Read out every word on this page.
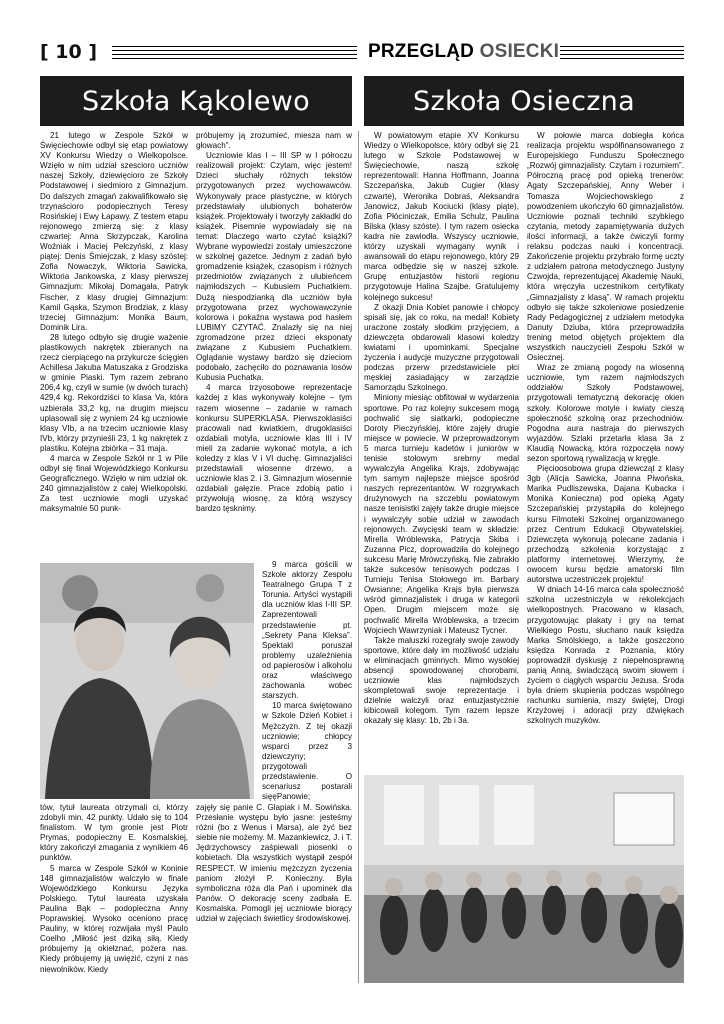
[ 10 ]	PRZEGLĄD OSIECKI
Szkoła Kąkolewo	Szkoła Osieczna

21 lutego w Zespole Szkół w Święciechowie odbył się etap powiatowy XV Konkursu Wiedzy o Wielkopolsce. Wzięło w nim udział szescioro uczniów naszej Szkoły, dziewięcioro ze Szkoły Podstawowej i siedmioro z Gimnazjum. Do dalszych zmagań zakwalifikowało się trzynaścioro podopiecznych Teresy Rosińskiej i Ewy Łapawy. Z testem etapu rejonowego zmierzą się: z klasy czwartej: Anna Skrzypczak, Karolina Woźniak i Maciej Pełczyński, z klasy piątej: Denis Śmiejczak, z klasy szóstej: Zofia Nowaczyk, Wiktoria Sawicka, Wiktoria Jankowska, z klasy pierwszej Gimnazjum: Mikołaj Domagała, Patryk Fischer, z klasy drugiej Gimnazjum: Kamil Gąska, Szymon Brodziak, z klasy trzeciej Gimnazjum: Monika Baum, Dominik Lira.

28 lutego odbyło się drugie ważenie plastikowych nakrętek zbieranych na rzecz cierpiącego na przykurcze ścięgien Achillesa Jakuba Matuszaka z Grodziska w gminie Piaski. Tym razem zebrano 206,4 kg, czyli w sumie (w dwóch turach) 429,4 kg. Rekordziści to klasa Va, która uzbierała 33,2 kg, na drugim miejscu uplasowali się z wyniem 24 kg uczniowie klasy VIb, a na trzecim uczniowie klasy IVb, którzy przynieśli 23, 1 kg nakrętek z plastiku. Kolejna zbiórka – 31 maja.

4 marca w Zespole Szkół nr 1 w Pile odbył się finał Wojewódzkiego Konkursu Geograficznego. Wzięło w nim udział ok. 240 gimnazjalistów z całej Wielkopolski. Za test uczniowie mogli uzyskać maksymalnie 50 punk-

próbujemy ją zrozumieć, miesza nam w głowach”.

Uczniowie klas I – III SP w I półroczu realizowali projekt: Czytam, więc jestem! Dzieci słuchały różnych tekstów przygotowanych przez wychowawców. Wykonywały prace plastyczne, w których przedstawiały ulubionych bohaterów książek. Projektowały i tworzyły zakładki do książek. Pisemnie wypowiadały się na temat: Dlaczego warto czytać książki? Wybrane wypowiedzi zostały umieszczone w szkolnej gazetce. Jednym z zadań było gromadzenie książek, czasopism i różnych przedmiotów związanych z ulubieńcem najmłodszych – Kubusiem Puchatkiem. Dużą niespodzianką dla uczniów była przygotowana przez wychowawczynie kolorowa i pokaźna wystawa pod hasłem LUBIMY CZYTAĆ. Znalazły się na niej zgromadzone przez dzieci eksponaty związane z Kubusiem Puchatkiem. Oglądanie wystawy bardzo się dzieciom podobało, zachęciło do poznawania losów Kubusia Puchatka.

4 marca trzyosobowe reprezentacje każdej z klas wykonywały kolejne – tym razem wiosenne – zadanie w ramach konkursu SUPERKLASA. Pierwszoklasiści pracowali nad kwiatkiem, drugoklasiści ozdabiali motyla, uczniowie klas III i IV mieli za zadanie wykonać motyla, a ich koledzy z klas V i VI duchę. Gimnazjaliści przedstawiali wiosenne drzewo, a uczniowie klas 2. i 3. Gimnazjum wiosennie ozdabiali gałęzie. Prace zdobią patio i przywołują wiosnę, za którą wszyscy bardzo tęsknimy.

9 marca gościli w Szkole aktorzy Zespołu Teatralnego Grupa T z Torunia. Artyści wystąpili dla uczniów klas I-III SP. Zaprezentowali przedstawienie pt. „Sekrety Pana Kleksa”. Spektakl poruszał problemy uzależnienia od papierosów i alkoholu oraz właściwego zachowania wobec starszych.

10 marca świętowano w Szkole Dzień Kobiet i Mężczyzn. Z tej okazji uczniowie; chłopcy wsparci przez 3 dziewczyny; przygotowali przedstawienie. O scenariusz postarali sięęPanowie;

tów, tytuł laureata otrzymali ci, którzy zdobyli min. 42 punkty. Udało się to 104 finalistom. W tym gronie jest Piotr Prymas, podopieczny E. Kosmalskiej, który zakończył zmagania z wynikiem 46 punktów.

5 marca w Zespole Szkół w Koninie 148 gimnazjalistów walczyło w finale Wojewódzkiego Konkursu Języka Polskiego. Tytuł laureata uzyskała Paulina Bąk – podopieczna Anny Poprawskiej. Wysoko oceniono pracę Pauliny, w której rozwijała myśl Paulo Coelho „Miłość jest dziką siłą. Kiedy próbujemy ją okiełznać, pożera nas. Kiedy próbujemy ją uwięzić, czyni z nas niewolników. Kiedy

zajęły się panie C. Glapiak i M. Sowińska. Przesłanie występu było jasne: jesteśmy różni (bo z Wenus i Marsa), ale żyć bez siebie nie możemy. M. Mazankiewicz, J. i T. Jędrzychowscy zaśpiewali piosenki o kobietach. Dla wszystkich wystąpił zespół RESPECT. W imieniu mężczyzn życzenia paniom złożył P. Konieczny. Była symboliczna róża dla Pań i upominek dla Panów. O dekorację sceny zadbała E. Kosmalska. Pomogli jej uczniowie biorący udział w zajęciach świetlicy środowiskowej.

W powiatowym etapie XV Konkursu Wiedzy o Wielkopolsce, który odbył się 21 lutego w Szkole Podstawowej w Święciechowie, naszą szkołę reprezentowali: Hanna Hoffmann, Joanna Szczepańska, Jakub Cugier (klasy czwarte), Weronika Dobraś, Aleksandra Janowicz, Jakub Kociucki (klasy piąte), Zofia Płóciniczak, Emilia Schulz, Paulina Bilska (klasy szóste). I tym razem osiecka kadra nie zawiodła. Wszyscy uczniowie, którzy uzyskali wymagany wynik i awansowali do etapu rejonowego, który 29 marca odbędzie się w naszej szkole. Grupę entuzjastów historii regionu przygotowuje Halina Szajbe. Gratulujemy kolejnego sukcesu!

Z okazji Dnia Kobiet panowie i chłopcy spisali się, jak co roku, na medal! Kobiety uraczone zostały słodkim przyjęciem, a dziewczęta obdarowali klasowi koledzy kwiatami i upominkami. Specjalne życzenia i audycje muzyczne przygotowali podczas przerw przedstawiciele płci męskiej zasiadający w zarządzie Samorządu Szkolnego.

Miniony miesiąc obfitował w wydarzenia sportowe. Po raz kolejny sukcesem mogą pochwalić się siatkarki, podopieczne Doroty Pieczyńskiej, które zajęły drugie miejsce w powiecie. W przeprowadzonym 5 marca turnieju kadetów i juniorów w tenisie stołowym srebrny medal wywalczyła Angelika Krajs, zdobywając tym samym najlepsze miejsce spośród naszych reprezentantów. W rozgrywkach drużynowych na szczeblu powiatowym nasze tenisistki zajęły także drugie miejsce i wywalczyły sobie udział w zawodach rejonowych. Zwycięski team w składzie: Mirella Wróblewska, Patrycja Skiba i Zuzanna Picz, doprowadziła do kolejnego sukcesu Marię Mrówczyńską. Nie zabrakło także sukcesów tenisowych podczas I Turnieju Tenisa Stołowego im. Barbary Owsianne; Angelika Krajs była pierwsza wśród gimnazjalistek i druga w kategorii Open. Drugim miejscem może się pochwalić Mirella Wróblewska, a trzecim Wojciech Wawrzyniak i Mateusz Tycner.

Także maluszki rozegrały swoje zawody sportowe, które dały im możliwość udziału w eliminacjach gminnych. Mimo wysokiej absencji spowodowanej chorobami, uczniowie klas najmłodszych skompletowali swoje reprezentacje i dzielnie walczyli oraz entuzjastycznie kibicowali kolegom. Tym razem lepsze okazały się klasy: 1b, 2b i 3a.

W połowie marca dobiegła końca realizacja projektu współfinansowanego z Europejskiego Funduszu Społecznego „Rozwój gimnazjalisty. Czytam i rozumiem”. Półroczną pracę pod opieką trenerów: Agaty Szczepańskiej, Anny Weber i Tomasza Wojciechowskiego z powodzeniem ukończyło 60 gimnazjalistów. Uczniowie poznali techniki szybkiego czytania, metody zapamiętywania dużych ilości informacji, a także ćwiczyli formy relaksu podczas nauki i koncentracji. Zakończenie projektu przybrało formę uczty z udziałem patrona metodycznego Justyny Czwojda, reprezentującej Akademię Nauki, która wręczyła uczestnikom certyfikaty „Gimnazjalisty z klasą”. W ramach projektu odbyło się także szkoleniowe posiedzenie Rady Pedagogicznej z udziałem metodyka Danuty Dziuba, która przeprowadziła trening metod objętych projektem dla wszystkich nauczycieli Zespołu Szkół w Osiecznej.

Wraz ze zmianą pogody na wiosenną uczniowie, tym razem najmłodszych oddziałów Szkoły Podstawowej, przygotowali tematyczną dekorację okien szkoły. Kolorowe motyle i kwiaty cieszą społeczność szkolną oraz przechodniów. Pogodna aura nastraja do pierwszych wyjazdów. Szlaki przetarła klasa 3a z Klaudią Nowacką, która rozpoczęła nowy sezon sportową rywalizacją w kręgle.

Pięcioosobowa grupa dziewcząt z klasy 3gb (Alicja Sawicka, Joanna Piwońska, Marika Pudliszewska, Dajana Kubacka i Monika Konieczna) pod opieką Agaty Szczepańskiej przystąpiła do kolejnego kursu Filmoteki Szkolnej organizowanego przez Centrum Edukacji Obywatelskiej. Dziewczęta wykonują polecane zadania i przechodzą szkolenia korzystając z platformy internetowej. Wierzymy, że owocem kursu będzie amatorski film autorstwa uczestniczek projektu!

W dniach 14-16 marca cała społeczność szkolna uczestniczyła w rekolekcjach wielkopostnych. Pracowano w klasach, przygotowując plakaty i gry na temat Wielkiego Postu, słuchano nauk księdza Marka Smólskiego, a także goszczono księdza Konrada z Poznania, który poprowadził dyskusję z niepełnosprawną panią Anną, świadczącą swoim słowem i życiem o ciągłych wsparciu Jezusa. Środa była dniem skupienia podczas wspólnego rachunku sumienia, mszy świętej, Drogi Krzyżowej i adoracji przy dźwiękach szkolnych muzyków.
